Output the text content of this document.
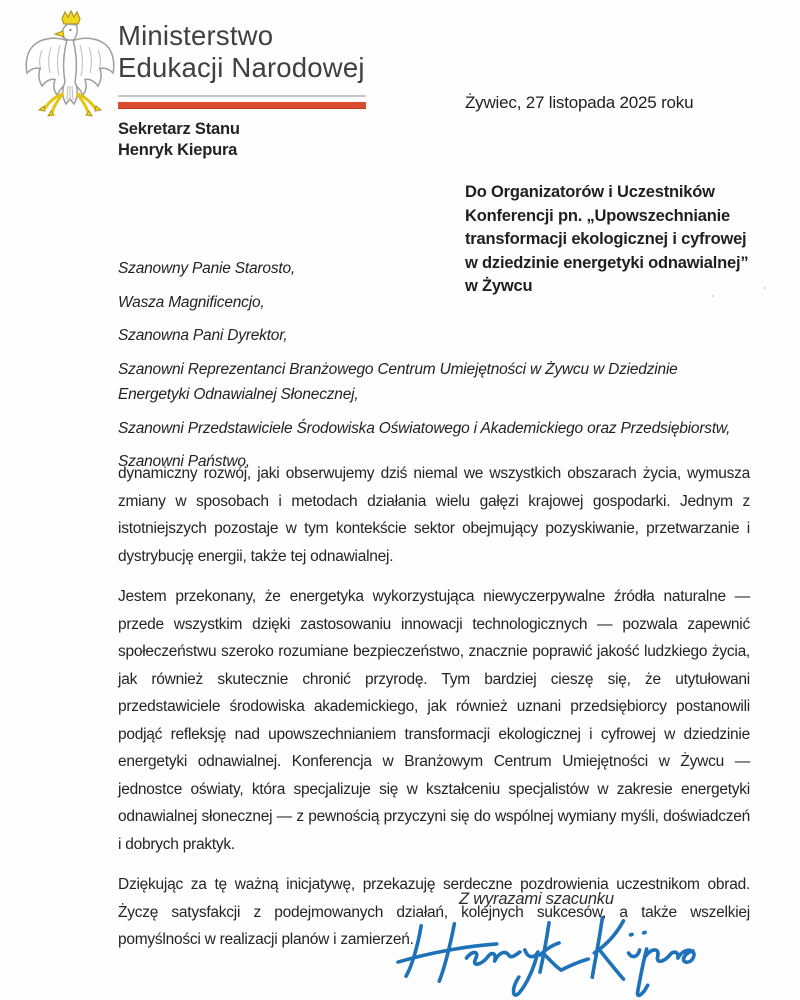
Ministerstwo
Edukacji Narodowej
Sekretarz Stanu
Henryk Kiepura
Żywiec, 27 listopada 2025 roku
Do Organizatorów i Uczestników
Konferencji pn. „Upowszechnianie
transformacji ekologicznej i cyfrowej
w dziedzinie energetyki odnawialnej”
w Żywcu

Szanowny Panie Starosto,

Wasza Magnificencjo,

Szanowna Pani Dyrektor,

Szanowni Reprezentanci Branżowego Centrum Umiejętności w Żywcu w Dziedzinie Energetyki Odnawialnej Słonecznej,

Szanowni Przedstawiciele Środowiska Oświatowego i Akademickiego oraz Przedsiębiorstw,

Szanowni Państwo,

dynamiczny rozwój, jaki obserwujemy dziś niemal we wszystkich obszarach życia, wymusza zmiany w sposobach i metodach działania wielu gałęzi krajowej gospodarki. Jednym z istotniejszych pozostaje w tym kontekście sektor obejmujący pozyskiwanie, przetwarzanie i dystrybucję energii, także tej odnawialnej.

Jestem przekonany, że energetyka wykorzystująca niewyczerpywalne źródła naturalne — przede wszystkim dzięki zastosowaniu innowacji technologicznych — pozwala zapewnić społeczeństwu szeroko rozumiane bezpieczeństwo, znacznie poprawić jakość ludzkiego życia, jak również skutecznie chronić przyrodę. Tym bardziej cieszę się, że utytułowani przedstawiciele środowiska akademickiego, jak również uznani przedsiębiorcy postanowili podjąć refleksję nad upowszechnianiem transformacji ekologicznej i cyfrowej w dziedzinie energetyki odnawialnej. Konferencja w Branżowym Centrum Umiejętności w Żywcu — jednostce oświaty, która specjalizuje się w kształceniu specjalistów w zakresie energetyki odnawialnej słonecznej — z pewnością przyczyni się do wspólnej wymiany myśli, doświadczeń i dobrych praktyk.

Dziękując za tę ważną inicjatywę, przekazuję serdeczne pozdrowienia uczestnikom obrad. Życzę satysfakcji z podejmowanych działań, kolejnych sukcesów, a także wszelkiej pomyślności w realizacji planów i zamierzeń.

Z wyrazami szacunku
